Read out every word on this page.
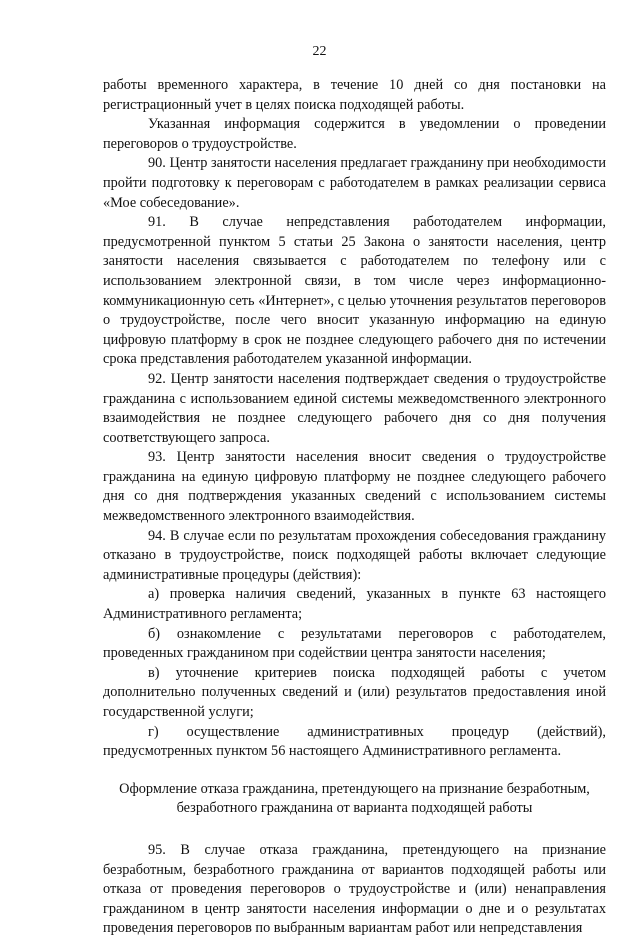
22

работы временного характера, в течение 10 дней со дня постановки на регистрационный учет в целях поиска подходящей работы.

Указанная информация содержится в уведомлении о проведении переговоров о трудоустройстве.

90. Центр занятости населения предлагает гражданину при необходимости пройти подготовку к переговорам с работодателем в рамках реализации сервиса «Мое собеседование».

91. В случае непредставления работодателем информации, предусмотренной пунктом 5 статьи 25 Закона о занятости населения, центр занятости населения связывается с работодателем по телефону или с использованием электронной связи, в том числе через информационно-коммуникационную сеть «Интернет», с целью уточнения результатов переговоров о трудоустройстве, после чего вносит указанную информацию на единую цифровую платформу в срок не позднее следующего рабочего дня по истечении срока представления работодателем указанной информации.

92. Центр занятости населения подтверждает сведения о трудоустройстве гражданина с использованием единой системы межведомственного электронного взаимодействия не позднее следующего рабочего дня со дня получения соответствующего запроса.

93. Центр занятости населения вносит сведения о трудоустройстве гражданина на единую цифровую платформу не позднее следующего рабочего дня со дня подтверждения указанных сведений с использованием системы межведомственного электронного взаимодействия.

94. В случае если по результатам прохождения собеседования гражданину отказано в трудоустройстве, поиск подходящей работы включает следующие административные процедуры (действия):

а) проверка наличия сведений, указанных в пункте 63 настоящего Административного регламента;

б) ознакомление с результатами переговоров с работодателем, проведенных гражданином при содействии центра занятости населения;

в) уточнение критериев поиска подходящей работы с учетом дополнительно полученных сведений и (или) результатов предоставления иной государственной услуги;

г) осуществление административных процедур (действий), предусмотренных пунктом 56 настоящего Административного регламента.

Оформление отказа гражданина, претендующего на признание безработным, безработного гражданина от варианта подходящей работы

95. В случае отказа гражданина, претендующего на признание безработным, безработного гражданина от вариантов подходящей работы или отказа от проведения переговоров о трудоустройстве и (или) ненаправления гражданином в центр занятости населения информации о дне и о результатах проведения переговоров по выбранным вариантам работ или непредставления
